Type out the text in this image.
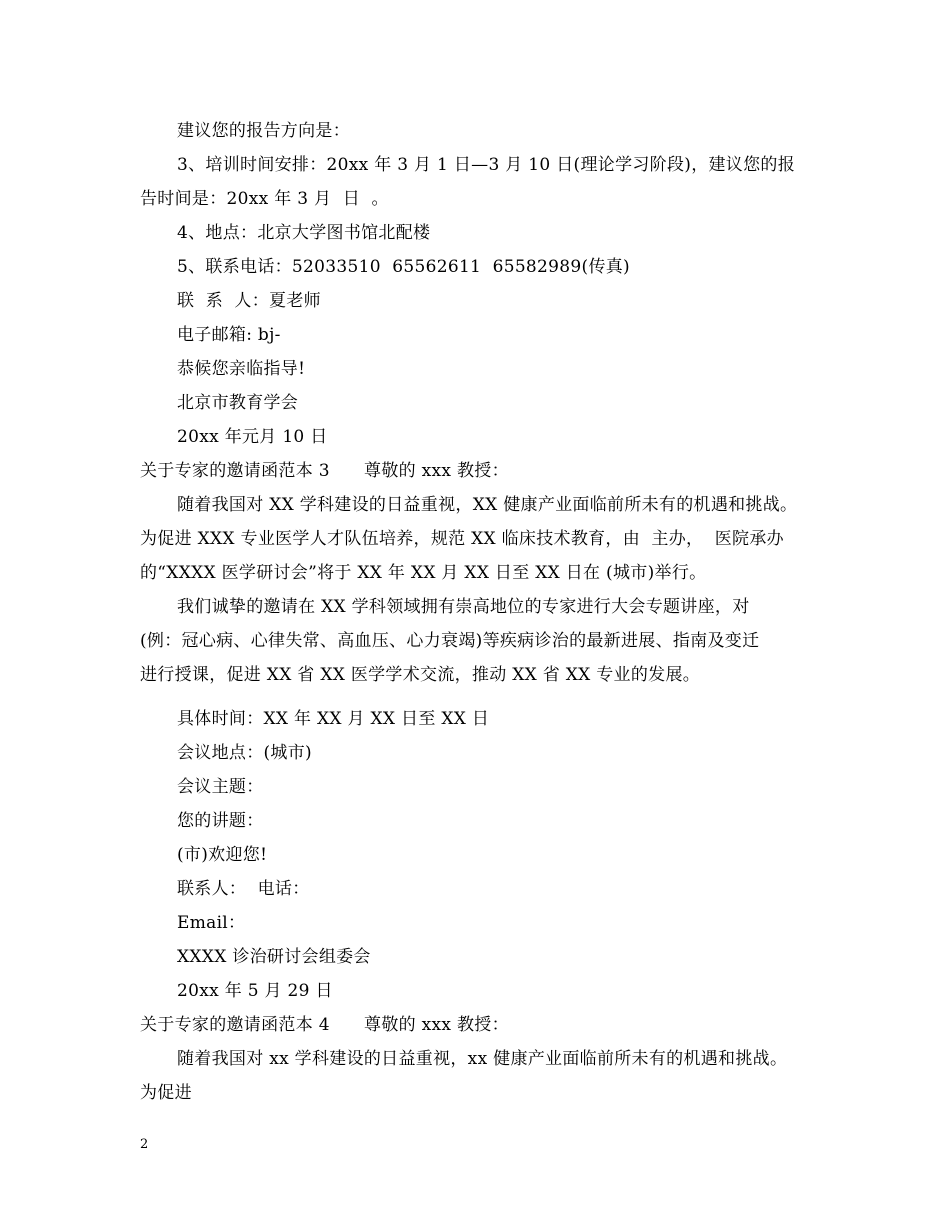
建议您的报告方向是：
3、培训时间安排：20xx 年 3 月 1 日—3 月 10 日(理论学习阶段)，建议您的报
告时间是：20xx 年 3 月  日  。
4、地点：北京大学图书馆北配楼
5、联系电话：52033510  65562611  65582989(传真)
联  系  人：夏老师
电子邮箱: bj-
恭候您亲临指导!
北京市教育学会
20xx 年元月 10 日
关于专家的邀请函范本 3      尊敬的 xxx 教授：
随着我国对 XX 学科建设的日益重视，XX 健康产业面临前所未有的机遇和挑战。
为促进 XXX 专业医学人才队伍培养，规范 XX 临床技术教育，由  主办，  医院承办
的“XXXX 医学研讨会”将于 XX 年 XX 月 XX 日至 XX 日在 (城市)举行。
我们诚挚的邀请在 XX 学科领域拥有崇高地位的专家进行大会专题讲座，对
(例：冠心病、心律失常、高血压、心力衰竭)等疾病诊治的最新进展、指南及变迁
进行授课，促进 XX 省 XX 医学学术交流，推动 XX 省 XX 专业的发展。
具体时间：XX 年 XX 月 XX 日至 XX 日
会议地点：(城市)
会议主题：
您的讲题：
(市)欢迎您!
联系人：  电话：
Email：
XXXX 诊治研讨会组委会
20xx 年 5 月 29 日
关于专家的邀请函范本 4      尊敬的 xxx 教授：
随着我国对 xx 学科建设的日益重视，xx 健康产业面临前所未有的机遇和挑战。
为促进
2
